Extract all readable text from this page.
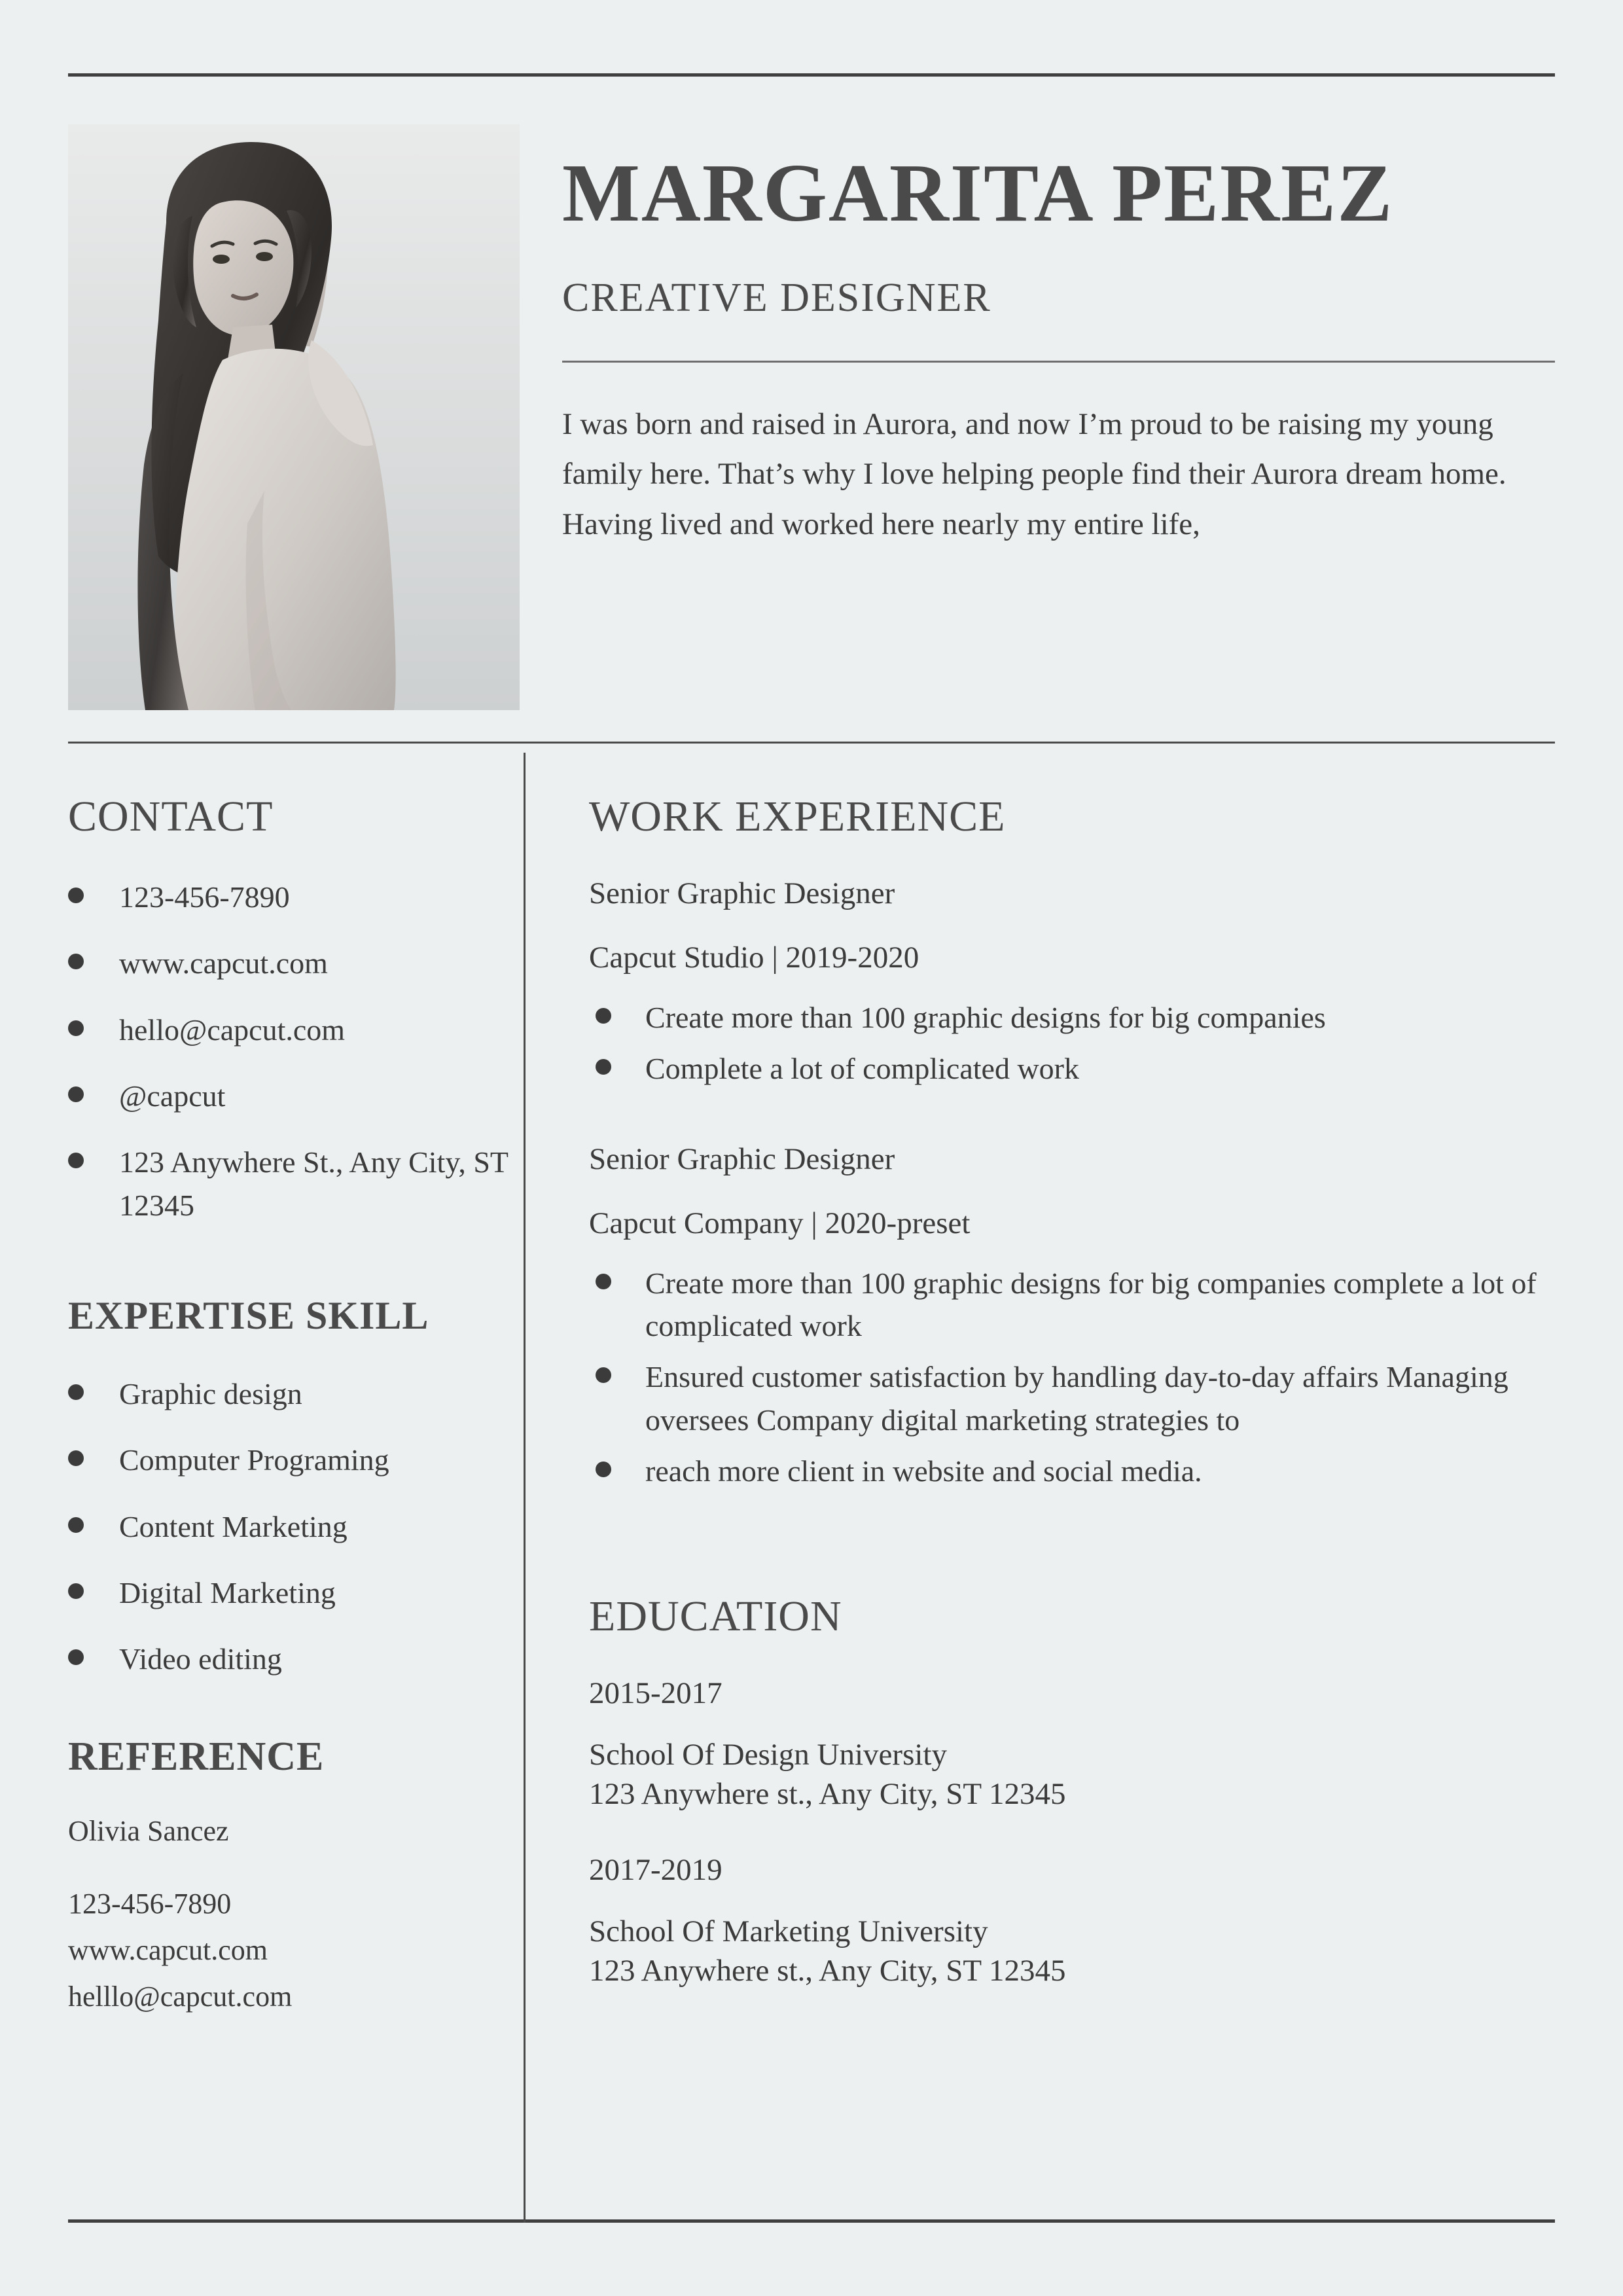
MARGARITA PEREZ
CREATIVE DESIGNER
I was born and raised in Aurora, and now I’m proud to be raising my young family here. That’s why I love helping people find their Aurora dream home. Having lived and worked here nearly my entire life,
CONTACT
123-456-7890
www.capcut.com
hello@capcut.com
@capcut
123 Anywhere St., Any City, ST 12345
EXPERTISE SKILL
Graphic design
Computer Programing
Content Marketing
Digital Marketing
Video editing
REFERENCE

Olivia Sancez

123-456-7890

www.capcut.com

helllo@capcut.com

WORK EXPERIENCE

Senior Graphic Designer

Capcut Studio | 2019-2020

Create more than 100 graphic designs for big companies
Complete a lot of complicated work

Senior Graphic Designer

Capcut Company | 2020-preset

Create more than 100 graphic designs for big companies complete a lot of complicated work
Ensured customer satisfaction by handling day-to-day affairs Managing oversees Company digital marketing strategies to
reach more client in website and social media.
EDUCATION

2015-2017

School Of Design University

123 Anywhere st., Any City, ST 12345

2017-2019

School Of Marketing University

123 Anywhere st., Any City, ST 12345
